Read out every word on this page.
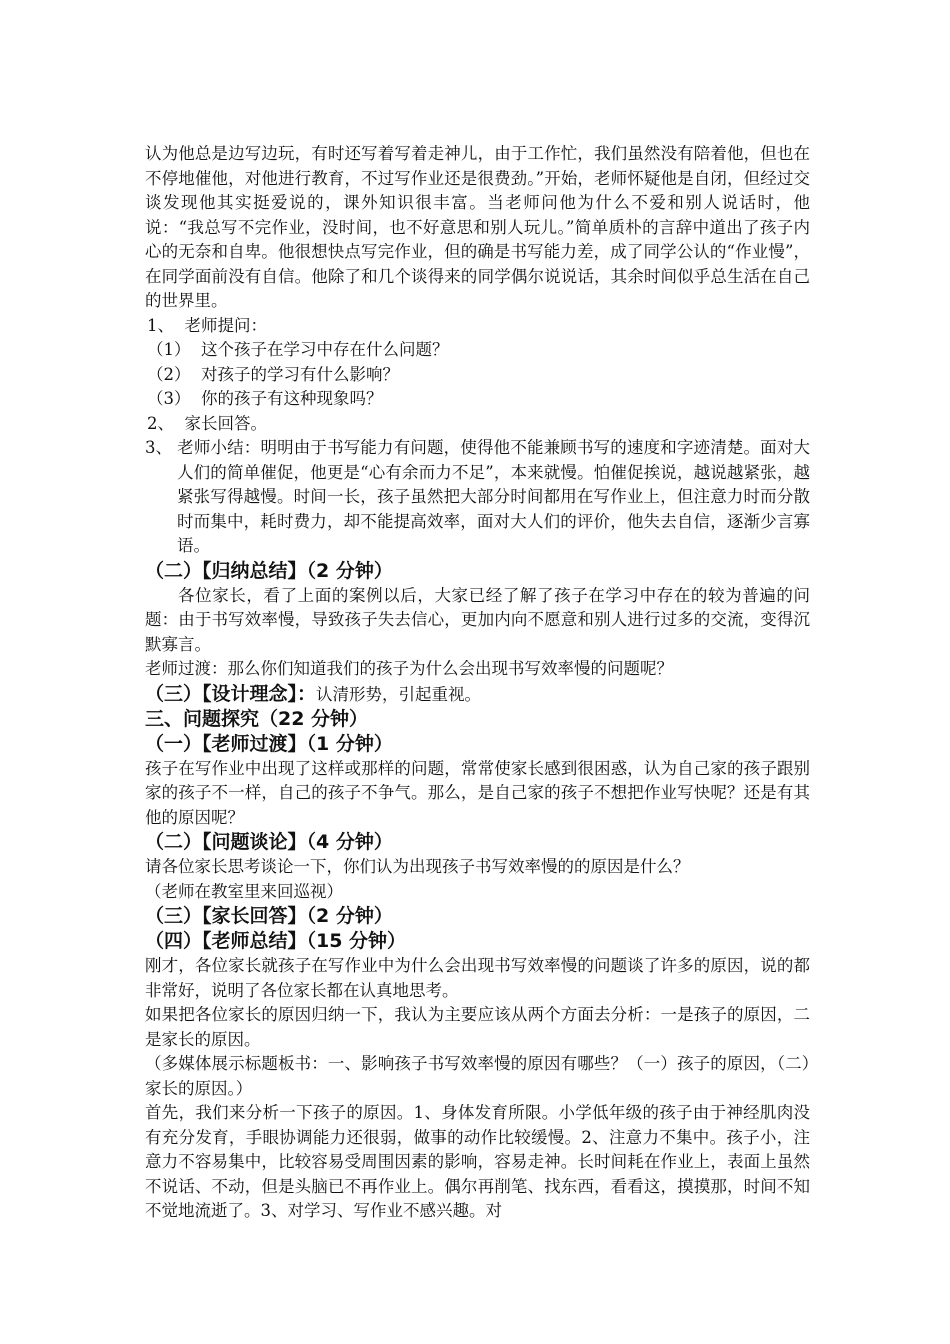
认为他总是边写边玩，有时还写着写着走神儿，由于工作忙，我们虽然没有陪着他，但也在不停地催他，对他进行教育，不过写作业还是很费劲。”开始，老师怀疑他是自闭，但经过交谈发现他其实挺爱说的，课外知识很丰富。当老师问他为什么不爱和别人说话时，他说：“我总写不完作业，没时间，也不好意思和别人玩儿。”简单质朴的言辞中道出了孩子内心的无奈和自卑。他很想快点写完作业，但的确是书写能力差，成了同学公认的“作业慢”，在同学面前没有自信。他除了和几个谈得来的同学偶尔说说话，其余时间似乎总生活在自己的世界里。

1、 老师提问：

（1） 这个孩子在学习中存在什么问题？

（2） 对孩子的学习有什么影响？

（3） 你的孩子有这种现象吗？

2、 家长回答。

3、 老师小结：明明由于书写能力有问题，使得他不能兼顾书写的速度和字迹清楚。面对大人们的简单催促，他更是“心有余而力不足”，本来就慢。怕催促挨说，越说越紧张，越紧张写得越慢。时间一长，孩子虽然把大部分时间都用在写作业上，但注意力时而分散时而集中，耗时费力，却不能提高效率，面对大人们的评价，他失去自信，逐渐少言寡语。

（二）【归纳总结】（2 分钟）

各位家长，看了上面的案例以后，大家已经了解了孩子在学习中存在的较为普遍的问题：由于书写效率慢，导致孩子失去信心，更加内向不愿意和别人进行过多的交流，变得沉默寡言。

老师过渡：那么你们知道我们的孩子为什么会出现书写效率慢的问题呢？

（三）【设计理念】：认清形势，引起重视。

三、问题探究（22 分钟）

（一）【老师过渡】（1 分钟）

孩子在写作业中出现了这样或那样的问题，常常使家长感到很困惑，认为自己家的孩子跟别家的孩子不一样，自己的孩子不争气。那么，是自己家的孩子不想把作业写快呢？还是有其他的原因呢？

（二）【问题谈论】（4 分钟）

请各位家长思考谈论一下，你们认为出现孩子书写效率慢的的原因是什么？

（老师在教室里来回巡视）

（三）【家长回答】（2 分钟）

（四）【老师总结】（15 分钟）

刚才，各位家长就孩子在写作业中为什么会出现书写效率慢的问题谈了许多的原因，说的都非常好，说明了各位家长都在认真地思考。

如果把各位家长的原因归纳一下，我认为主要应该从两个方面去分析：一是孩子的原因，二是家长的原因。

（多媒体展示标题板书：一、影响孩子书写效率慢的原因有哪些？（一）孩子的原因，（二）家长的原因。）

首先，我们来分析一下孩子的原因。1、身体发育所限。小学低年级的孩子由于神经肌肉没有充分发育，手眼协调能力还很弱，做事的动作比较缓慢。2、注意力不集中。孩子小，注意力不容易集中，比较容易受周围因素的影响，容易走神。长时间耗在作业上，表面上虽然不说话、不动，但是头脑已不再作业上。偶尔再削笔、找东西，看看这，摸摸那，时间不知不觉地流逝了。3、对学习、写作业不感兴趣。对
